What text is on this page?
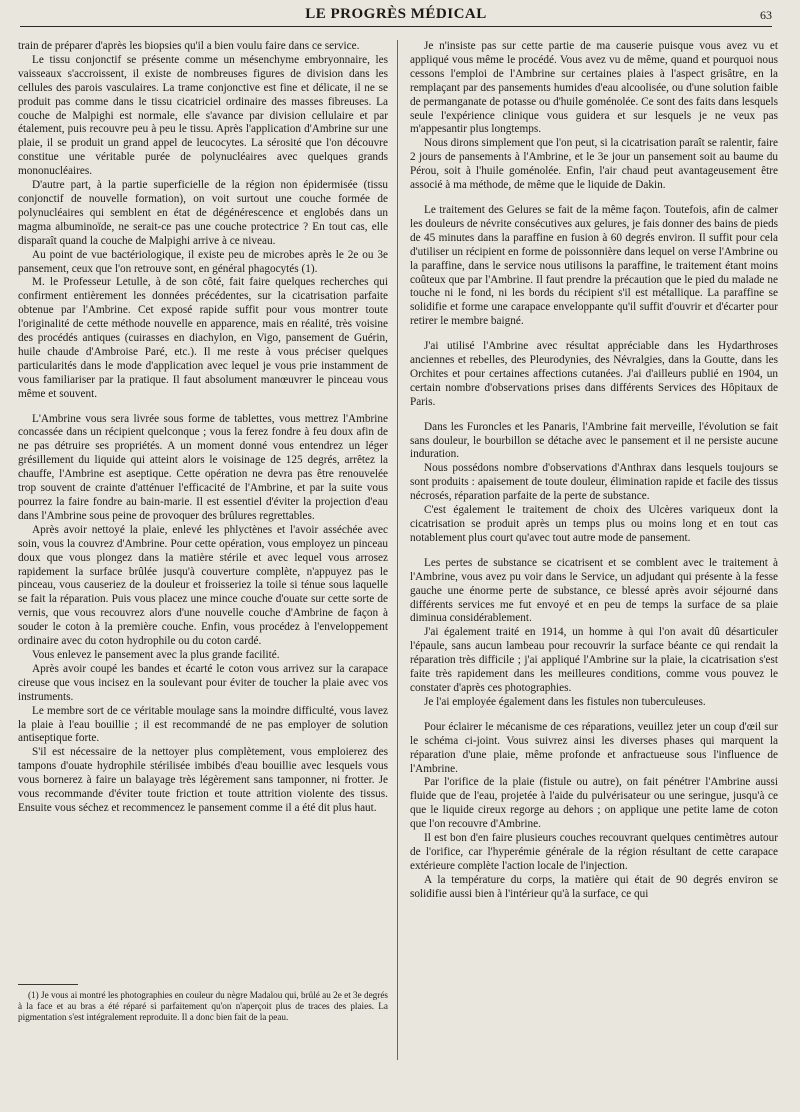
LE PROGRÈS MÉDICAL	63

train de préparer d'après les biopsies qu'il a bien voulu faire dans ce service.

Le tissu conjonctif se présente comme un mésenchyme embryonnaire, les vaisseaux s'accroissent, il existe de nombreuses figures de division dans les cellules des parois vasculaires. La trame conjonctive est fine et délicate, il ne se produit pas comme dans le tissu cicatriciel ordinaire des masses fibreuses. La couche de Malpighi est normale, elle s'avance par division cellulaire et par étalement, puis recouvre peu à peu le tissu. Après l'application d'Ambrine sur une plaie, il se produit un grand appel de leucocytes. La sérosité que l'on découvre constitue une véritable purée de polynucléaires avec quelques grands mononucléaires.

D'autre part, à la partie superficielle de la région non épidermisée (tissu conjonctif de nouvelle formation), on voit surtout une couche formée de polynucléaires qui semblent en état de dégénérescence et englobés dans un magma albuminoïde, ne serait-ce pas une couche protectrice ? En tout cas, elle disparaît quand la couche de Malpighi arrive à ce niveau.

Au point de vue bactériologique, il existe peu de microbes après le 2e ou 3e pansement, ceux que l'on retrouve sont, en général phagocytés (1).

M. le Professeur Letulle, à de son côté, fait faire quelques recherches qui confirment entièrement les données précédentes, sur la cicatrisation parfaite obtenue par l'Ambrine. Cet exposé rapide suffit pour vous montrer toute l'originalité de cette méthode nouvelle en apparence, mais en réalité, très voisine des procédés antiques (cuirasses en diachylon, en Vigo, pansement de Guérin, huile chaude d'Ambroise Paré, etc.). Il me reste à vous préciser quelques particularités dans le mode d'application avec lequel je vous prie instamment de vous familiariser par la pratique. Il faut absolument manœuvrer le pinceau vous même et souvent.

L'Ambrine vous sera livrée sous forme de tablettes, vous mettrez l'Ambrine concassée dans un récipient quelconque ; vous la ferez fondre à feu doux afin de ne pas détruire ses propriétés. A un moment donné vous entendrez un léger grésillement du liquide qui atteint alors le voisinage de 125 degrés, arrêtez la chauffe, l'Ambrine est aseptique. Cette opération ne devra pas être renouvelée trop souvent de crainte d'atténuer l'efficacité de l'Ambrine, et par la suite vous pourrez la faire fondre au bain-marie. Il est essentiel d'éviter la projection d'eau dans l'Ambrine sous peine de provoquer des brûlures regrettables.

Après avoir nettoyé la plaie, enlevé les phlyctènes et l'avoir asséchée avec soin, vous la couvrez d'Ambrine. Pour cette opération, vous employez un pinceau doux que vous plongez dans la matière stérile et avec lequel vous arrosez rapidement la surface brûlée jusqu'à couverture complète, n'appuyez pas le pinceau, vous causeriez de la douleur et froisseriez la toile si ténue sous laquelle se fait la réparation. Puis vous placez une mince couche d'ouate sur cette sorte de vernis, que vous recouvrez alors d'une nouvelle couche d'Ambrine de façon à souder le coton à la première couche. Enfin, vous procédez à l'enveloppement ordinaire avec du coton hydrophile ou du coton cardé.

Vous enlevez le pansement avec la plus grande facilité.

Après avoir coupé les bandes et écarté le coton vous arrivez sur la carapace cireuse que vous incisez en la soulevant pour éviter de toucher la plaie avec vos instruments.

Le membre sort de ce véritable moulage sans la moindre difficulté, vous lavez la plaie à l'eau bouillie ; il est recommandé de ne pas employer de solution antiseptique forte.

S'il est nécessaire de la nettoyer plus complètement, vous emploierez des tampons d'ouate hydrophile stérilisée imbibés d'eau bouillie avec lesquels vous vous bornerez à faire un balayage très légèrement sans tamponner, ni frotter. Je vous recommande d'éviter toute friction et toute attrition violente des tissus. Ensuite vous séchez et recommencez le pansement comme il a été dit plus haut.

Je n'insiste pas sur cette partie de ma causerie puisque vous avez vu et appliqué vous même le procédé. Vous avez vu de même, quand et pourquoi nous cessons l'emploi de l'Ambrine sur certaines plaies à l'aspect grisâtre, en la remplaçant par des pansements humides d'eau alcoolisée, ou d'une solution faible de permanganate de potasse ou d'huile goménolée. Ce sont des faits dans lesquels seule l'expérience clinique vous guidera et sur lesquels je ne veux pas m'appesantir plus longtemps.

Nous dirons simplement que l'on peut, si la cicatrisation paraît se ralentir, faire 2 jours de pansements à l'Ambrine, et le 3e jour un pansement soit au baume du Pérou, soit à l'huile goménolée. Enfin, l'air chaud peut avantageusement être associé à ma méthode, de même que le liquide de Dakin.

Le traitement des Gelures se fait de la même façon. Toutefois, afin de calmer les douleurs de névrite consécutives aux gelures, je fais donner des bains de pieds de 45 minutes dans la paraffine en fusion à 60 degrés environ. Il suffit pour cela d'utiliser un récipient en forme de poissonnière dans lequel on verse l'Ambrine ou la paraffine, dans le service nous utilisons la paraffine, le traitement étant moins coûteux que par l'Ambrine. Il faut prendre la précaution que le pied du malade ne touche ni le fond, ni les bords du récipient s'il est métallique. La paraffine se solidifie et forme une carapace enveloppante qu'il suffit d'ouvrir et d'écarter pour retirer le membre baigné.

J'ai utilisé l'Ambrine avec résultat appréciable dans les Hydarthroses anciennes et rebelles, des Pleurodynies, des Névralgies, dans la Goutte, dans les Orchites et pour certaines affections cutanées. J'ai d'ailleurs publié en 1904, un certain nombre d'observations prises dans différents Services des Hôpitaux de Paris.

Dans les Furoncles et les Panaris, l'Ambrine fait merveille, l'évolution se fait sans douleur, le bourbillon se détache avec le pansement et il ne persiste aucune induration.

Nous possédons nombre d'observations d'Anthrax dans lesquels toujours se sont produits : apaisement de toute douleur, élimination rapide et facile des tissus nécrosés, réparation parfaite de la perte de substance.

C'est également le traitement de choix des Ulcères variqueux dont la cicatrisation se produit après un temps plus ou moins long et en tout cas notablement plus court qu'avec tout autre mode de pansement.

Les pertes de substance se cicatrisent et se comblent avec le traitement à l'Ambrine, vous avez pu voir dans le Service, un adjudant qui présente à la fesse gauche une énorme perte de substance, ce blessé après avoir séjourné dans différents services me fut envoyé et en peu de temps la surface de sa plaie diminua considérablement.

J'ai également traité en 1914, un homme à qui l'on avait dû désarticuler l'épaule, sans aucun lambeau pour recouvrir la surface béante ce qui rendait la réparation très difficile ; j'ai appliqué l'Ambrine sur la plaie, la cicatrisation s'est faite très rapidement dans les meilleures conditions, comme vous pouvez le constater d'après ces photographies.

Je l'ai employée également dans les fistules non tuberculeuses.

Pour éclairer le mécanisme de ces réparations, veuillez jeter un coup d'œil sur le schéma ci-joint. Vous suivrez ainsi les diverses phases qui marquent la réparation d'une plaie, même profonde et anfractueuse sous l'influence de l'Ambrine.

Par l'orifice de la plaie (fistule ou autre), on fait pénétrer l'Ambrine aussi fluide que de l'eau, projetée à l'aide du pulvérisateur ou une seringue, jusqu'à ce que le liquide cireux regorge au dehors ; on applique une petite lame de coton que l'on recouvre d'Ambrine.

Il est bon d'en faire plusieurs couches recouvrant quelques centimètres autour de l'orifice, car l'hyperémie générale de la région résultant de cette carapace extérieure complète l'action locale de l'injection.

A la température du corps, la matière qui était de 90 degrés environ se solidifie aussi bien à l'intérieur qu'à la surface, ce qui

(1) Je vous ai montré les photographies en couleur du nègre Madalou qui, brûlé au 2e et 3e degrés à la face et au bras a été réparé si parfaitement qu'on n'aperçoit plus de traces des plaies. La pigmentation s'est intégralement reproduite. Il a donc bien fait de la peau.
